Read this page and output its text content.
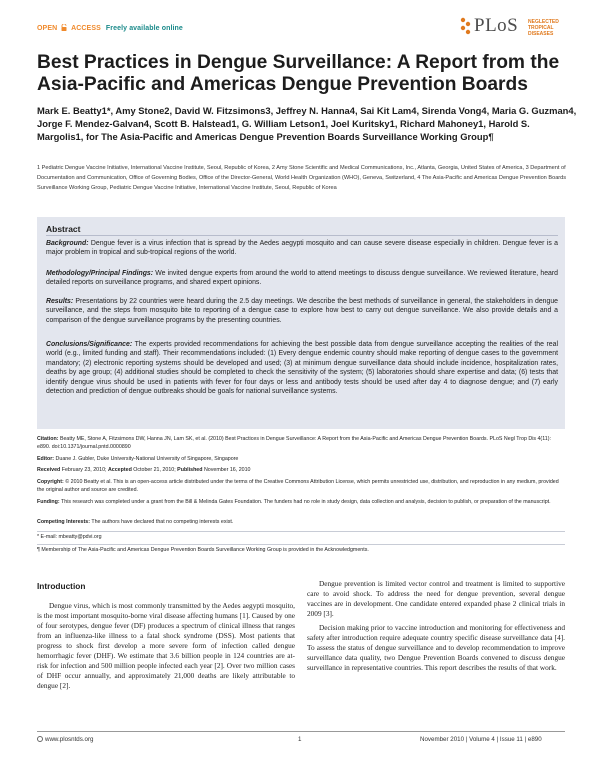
OPEN ACCESS Freely available online	PLoS NEGLECTED
TROPICAL DISEASES
Best Practices in Dengue Surveillance: A Report from the Asia-Pacific and Americas Dengue Prevention Boards
Mark E. Beatty1*, Amy Stone2, David W. Fitzsimons3, Jeffrey N. Hanna4, Sai Kit Lam4, Sirenda Vong4, Maria G. Guzman4, Jorge F. Mendez-Galvan4, Scott B. Halstead1, G. William Letson1, Joel Kuritsky1, Richard Mahoney1, Harold S. Margolis1, for The Asia-Pacific and Americas Dengue Prevention Boards Surveillance Working Group¶
1 Pediatric Dengue Vaccine Initiative, International Vaccine Institute, Seoul, Republic of Korea, 2 Amy Stone Scientific and Medical Communications, Inc., Atlanta, Georgia, United States of America, 3 Department of Documentation and Communication, Office of Governing Bodies, Office of the Director-General, World Health Organization (WHO), Geneva, Switzerland, 4 The Asia-Pacific and Americas Dengue Prevention Boards Surveillance Working Group, Pediatric Dengue Vaccine Initiative, International Vaccine Institute, Seoul, Republic of Korea
Abstract
Background: Dengue fever is a virus infection that is spread by the Aedes aegypti mosquito and can cause severe disease especially in children. Dengue fever is a major problem in tropical and sub-tropical regions of the world.
Methodology/Principal Findings: We invited dengue experts from around the world to attend meetings to discuss dengue surveillance. We reviewed literature, heard detailed reports on surveillance programs, and shared expert opinions.
Results: Presentations by 22 countries were heard during the 2.5 day meetings. We describe the best methods of surveillance in general, the stakeholders in dengue surveillance, and the steps from mosquito bite to reporting of a dengue case to explore how best to carry out dengue surveillance. We also provide details and a comparison of the dengue surveillance programs by the presenting countries.
Conclusions/Significance: The experts provided recommendations for achieving the best possible data from dengue surveillance accepting the realities of the real world (e.g., limited funding and staff). Their recommendations included: (1) Every dengue endemic country should make reporting of dengue cases to the government mandatory; (2) electronic reporting systems should be developed and used; (3) at minimum dengue surveillance data should include incidence, hospitalization rates, deaths by age group; (4) additional studies should be completed to check the sensitivity of the system; (5) laboratories should share expertise and data; (6) tests that identify dengue virus should be used in patients with fever for four days or less and antibody tests should be used after day 4 to diagnose dengue; and (7) early detection and prediction of dengue outbreaks should be goals for national surveillance systems.
Citation: Beatty ME, Stone A, Fitzsimons DW, Hanna JN, Lam SK, et al. (2010) Best Practices in Dengue Surveillance: A Report from the Asia-Pacific and Americas Dengue Prevention Boards. PLoS Negl Trop Dis 4(11): e890. doi:10.1371/journal.pntd.0000890
Editor: Duane J. Gubler, Duke University-National University of Singapore, Singapore
Received February 23, 2010; Accepted October 21, 2010; Published November 16, 2010
Copyright: © 2010 Beatty et al. This is an open-access article distributed under the terms of the Creative Commons Attribution License, which permits unrestricted use, distribution, and reproduction in any medium, provided the original author and source are credited.
Funding: This research was completed under a grant from the Bill & Melinda Gates Foundation. The funders had no role in study design, data collection and analysis, decision to publish, or preparation of the manuscript.
Competing Interests: The authors have declared that no competing interests exist.
* E-mail: mbeatty@pdvi.org
¶ Membership of The Asia-Pacific and Americas Dengue Prevention Boards Surveillance Working Group is provided in the Acknowledgments.
Introduction

Dengue virus, which is most commonly transmitted by the Aedes aegypti mosquito, is the most important mosquito-borne viral disease affecting humans [1]. Caused by one of four serotypes, dengue fever (DF) produces a spectrum of clinical illness that ranges from an influenza-like illness to a fatal shock syndrome (DSS). Most patients that progress to shock first develop a more severe form of infection called dengue hemorrhagic fever (DHF). We estimate that 3.6 billion people in 124 countries are at-risk for infection and 500 million people infected each year [2]. Over two million cases of DHF occur annually, and approximately 21,000 deaths are likely attributable to dengue [2].

Dengue prevention is limited vector control and treatment is limited to supportive care to avoid shock. To address the need for dengue prevention, several dengue vaccines are in development. One candidate entered expanded phase 2 clinical trials in 2009 [3].

Decision making prior to vaccine introduction and monitoring for effectiveness and safety after introduction require adequate country specific disease surveillance data [4]. To assess the status of dengue surveillance and to develop recommendation to improve surveillance data quality, two Dengue Prevention Boards convened to discuss dengue surveillance in representative countries. This report describes the results of that work.

www.plosntds.org	1	November 2010 | Volume 4 | Issue 11 | e890
